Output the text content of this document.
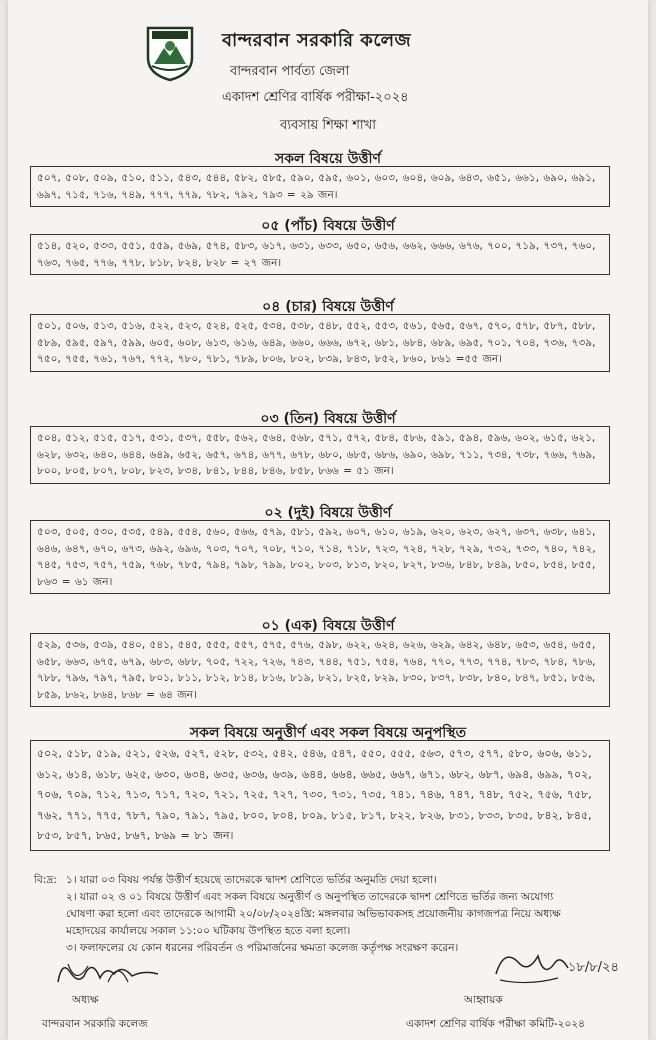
বান্দরবান সরকারি কলেজ
বান্দরবান পার্বত্য জেলা
একাদশ শ্রেণির বার্ষিক পরীক্ষা-২০২৪
ব্যবসায় শিক্ষা শাখা
সকল বিষয়ে উত্তীর্ণ
৫০৭, ৫০৮, ৫০৯, ৫১০, ৫১১, ৫৪৩, ৫৪৪, ৫৮২, ৫৮৫, ৫৯০, ৫৯৫, ৬০১, ৬০৩, ৬০৪, ৬০৯, ৬৪৩, ৬৫১, ৬৬১, ৬৯০, ৬৯১, ৬৯৭, ৭১৫, ৭১৬, ৭৪৯, ৭৭৭, ৭৭৯, ৭৮২, ৭৯২, ৭৯৩ = ২৯ জন।
০৫ (পাঁচ) বিষয়ে উত্তীর্ণ
৫১৪, ৫২০, ৫৩৩, ৫৫১, ৫৫৯, ৫৬৯, ৫৭৪, ৫৮৩, ৬১৭, ৬৩১, ৬৩৩, ৬৫০, ৬৫৬, ৬৬২, ৬৬৬, ৬৭৬, ৭০০, ৭১৯, ৭৩৭, ৭৬০, ৭৬৩, ৭৬৫, ৭৭৬, ৭৭৮, ৮১৮, ৮২৪, ৮২৮ = ২৭ জন।
০৪ (চার) বিষয়ে উত্তীর্ণ
৫০১, ৫০৬, ৫১৩, ৫১৬, ৫২২, ৫২৩, ৫২৪, ৫২৫, ৫৩৪, ৫৩৮, ৫৪৮, ৫৫২, ৫৫৩, ৫৬১, ৫৬৫, ৫৬৭, ৫৭০, ৫৭৮, ৫৮৭, ৫৮৮, ৫৮৯, ৫৯৫, ৫৯৭, ৫৯৯, ৬০৫, ৬০৮, ৬১৩, ৬১৬, ৬৪৯, ৬৬০, ৬৬৬, ৬৭২, ৬৮১, ৬৮৪, ৬৮৯, ৬৯৫, ৭০১, ৭০৪, ৭৩৬, ৭৩৯, ৭৫০, ৭৫৫, ৭৬১, ৭৬৭, ৭৭২, ৭৮০, ৭৮১, ৭৮৯, ৮০৬, ৮০২, ৮৩৯, ৮৪৩, ৮৫২, ৮৬০, ৮৬১ =৫৫ জন।
০৩ (তিন) বিষয়ে উত্তীর্ণ
৫০৪, ৫১২, ৫১৫, ৫১৭, ৫৩১, ৫৩৭, ৫৫৮, ৫৬২, ৫৬৪, ৫৬৮, ৫৭১, ৫৭২, ৫৮৪, ৫৮৬, ৫৯১, ৫৯৪, ৫৯৬, ৬০২, ৬১৫, ৬২১, ৬২৮, ৬৩২, ৬৪০, ৬৪৪, ৬৪৯, ৬৫২, ৬৫৭, ৬৭৪, ৬৭৭, ৬৭৮, ৬৮০, ৬৮৫, ৬৮৬, ৬৯০, ৬৯৮, ৭১১, ৭৩৪, ৭৩৮, ৭৬৬, ৭৬৯, ৮০০, ৮০৫, ৮০৭, ৮০৮, ৮২৩, ৮৩৪, ৮৪১, ৮৪৪, ৮৪৬, ৮৫৮, ৮৬৬ = ৫১ জন।
০২ (দুই) বিষয়ে উত্তীর্ণ
৫০৩, ৫০৫, ৫৩০, ৫৩৫, ৫৪৯, ৫৫৪, ৫৬০, ৫৬৬, ৫৭৯, ৫৮১, ৫৯২, ৬০৭, ৬১০, ৬১৯, ৬২০, ৬২৩, ৬২৭, ৬৩৭, ৬৩৮, ৬৪১, ৬৪৬, ৬৪৭, ৬৭০, ৬৭৩, ৬৯২, ৬৯৬, ৭০৩, ৭০৭, ৭০৮, ৭১০, ৭১৪, ৭১৮, ৭২৩, ৭২৪, ৭২৮, ৭২৯, ৭৩২, ৭৩৩, ৭৪০, ৭৪২, ৭৪৫, ৭৫৩, ৭৫৭, ৭৫৯, ৭৬৮, ৭৮৫, ৭৯৪, ৭৯৮, ৭৯৯, ৮০২, ৮০৩, ৮১৩, ৮২০, ৮২৭, ৮৩৬, ৮৪৮, ৮৪৯, ৮৫০, ৮৫৪, ৮৫৫, ৮৬৩ = ৬১ জন।
০১ (এক) বিষয়ে উত্তীর্ণ
৫২৯, ৫৩৬, ৫৩৯, ৫৪০, ৫৪১, ৫৪৫, ৫৫৫, ৫৫৭, ৫৭৫, ৫৭৬, ৫৯৮, ৬২২, ৬২৪, ৬২৬, ৬২৯, ৬৪২, ৬৪৮, ৬৫৩, ৬৫৪, ৬৫৫, ৬৫৮, ৬৬৩, ৬৭৫, ৬৭৯, ৬৮৩, ৬৮৮, ৭০৫, ৭২২, ৭২৬, ৭৪৩, ৭৪৪, ৭৫১, ৭৫৪, ৭৬৪, ৭৭০, ৭৭৩, ৭৭৪, ৭৮৩, ৭৮৪, ৭৮৬, ৭৮৮, ৭৯৬, ৭৯৭, ৭৯৫, ৮০১, ৮১১, ৮১২, ৮১৪, ৮১৬, ৮১৯, ৮২১, ৮২৫, ৮২৯, ৮৩০, ৮৩৭, ৮৩৮, ৮৪০, ৮৪৭, ৮৫১, ৮৫৬, ৮৫৯, ৮৬২, ৮৬৪, ৮৬৮ = ৬৪ জন।
সকল বিষয়ে অনুত্তীর্ণ এবং সকল বিষয়ে অনুপস্থিত
৫০২, ৫১৮, ৫১৯, ৫২১, ৫২৬, ৫২৭, ৫২৮, ৫৩২, ৫৪২, ৫৪৬, ৫৪৭, ৫৫০, ৫৫৫, ৫৬৩, ৫৭৩, ৫৭৭, ৫৮০, ৬০৬, ৬১১, ৬১২, ৬১৪, ৬১৮, ৬২৫, ৬৩০, ৬৩৪, ৬৩৫, ৬৩৬, ৬৩৯, ৬৪৪, ৬৬৪, ৬৬৫, ৬৬৭, ৬৭১, ৬৮২, ৬৮৭, ৬৯৪, ৬৯৯, ৭০২, ৭০৬, ৭০৯, ৭১২, ৭১৩, ৭১৭, ৭২০, ৭২১, ৭২৫, ৭২৭, ৭৩০, ৭৩১, ৭৩৫, ৭৪১, ৭৪৬, ৭৪৭, ৭৪৮, ৭৫২, ৭৫৬, ৭৫৮, ৭৬২, ৭৭১, ৭৭৫, ৭৮৭, ৭৯০, ৭৯১, ৭৯৫, ৮০০, ৮০৪, ৮০৯, ৮১৫, ৮১৭, ৮২২, ৮২৬, ৮৩১, ৮৩৩, ৮৩৫, ৮৪২, ৮৪৫, ৮৫৩, ৮৫৭, ৮৬৫, ৮৬৭, ৮৬৯ = ৮১ জন।
বি:দ্র: ১। যারা ০৩ বিষয় পর্যন্ত উত্তীর্ণ হয়েছে তাদেরকে দ্বাদশ শ্রেণিতে ভর্তির অনুমতি দেয়া হলো।
২। যারা ০২ ও ০১ বিষয়ে উত্তীর্ণ এবং সকল বিষয়ে অনুত্তীর্ণ ও অনুপস্থিত তাদেরকে দ্বাদশ শ্রেণিতে ভর্তির জন্য অযোগ্য
ঘোষণা করা হলো এবং তাদেরকে আগামী ২০/০৮/২০২৪খ্রি: মঙ্গলবার অভিভাবকসহ প্রয়োজনীয় কাগজপত্র নিয়ে অধ্যক্ষ
মহোদয়ের কার্যালয়ে সকাল ১১:০০ ঘটিকায় উপস্থিত হতে বলা হলো।
৩। ফলাফলের যে কোন ধরনের পরিবর্তন ও পরিমার্জনের ক্ষমতা কলেজ কর্তৃপক্ষ সংরক্ষণ করেন।
অধ্যক্ষ
বান্দরবান সরকারি কলেজ
১৮/৮/২৪
আহ্বায়ক
একাদশ শ্রেণির বার্ষিক পরীক্ষা কমিটি-২০২৪
